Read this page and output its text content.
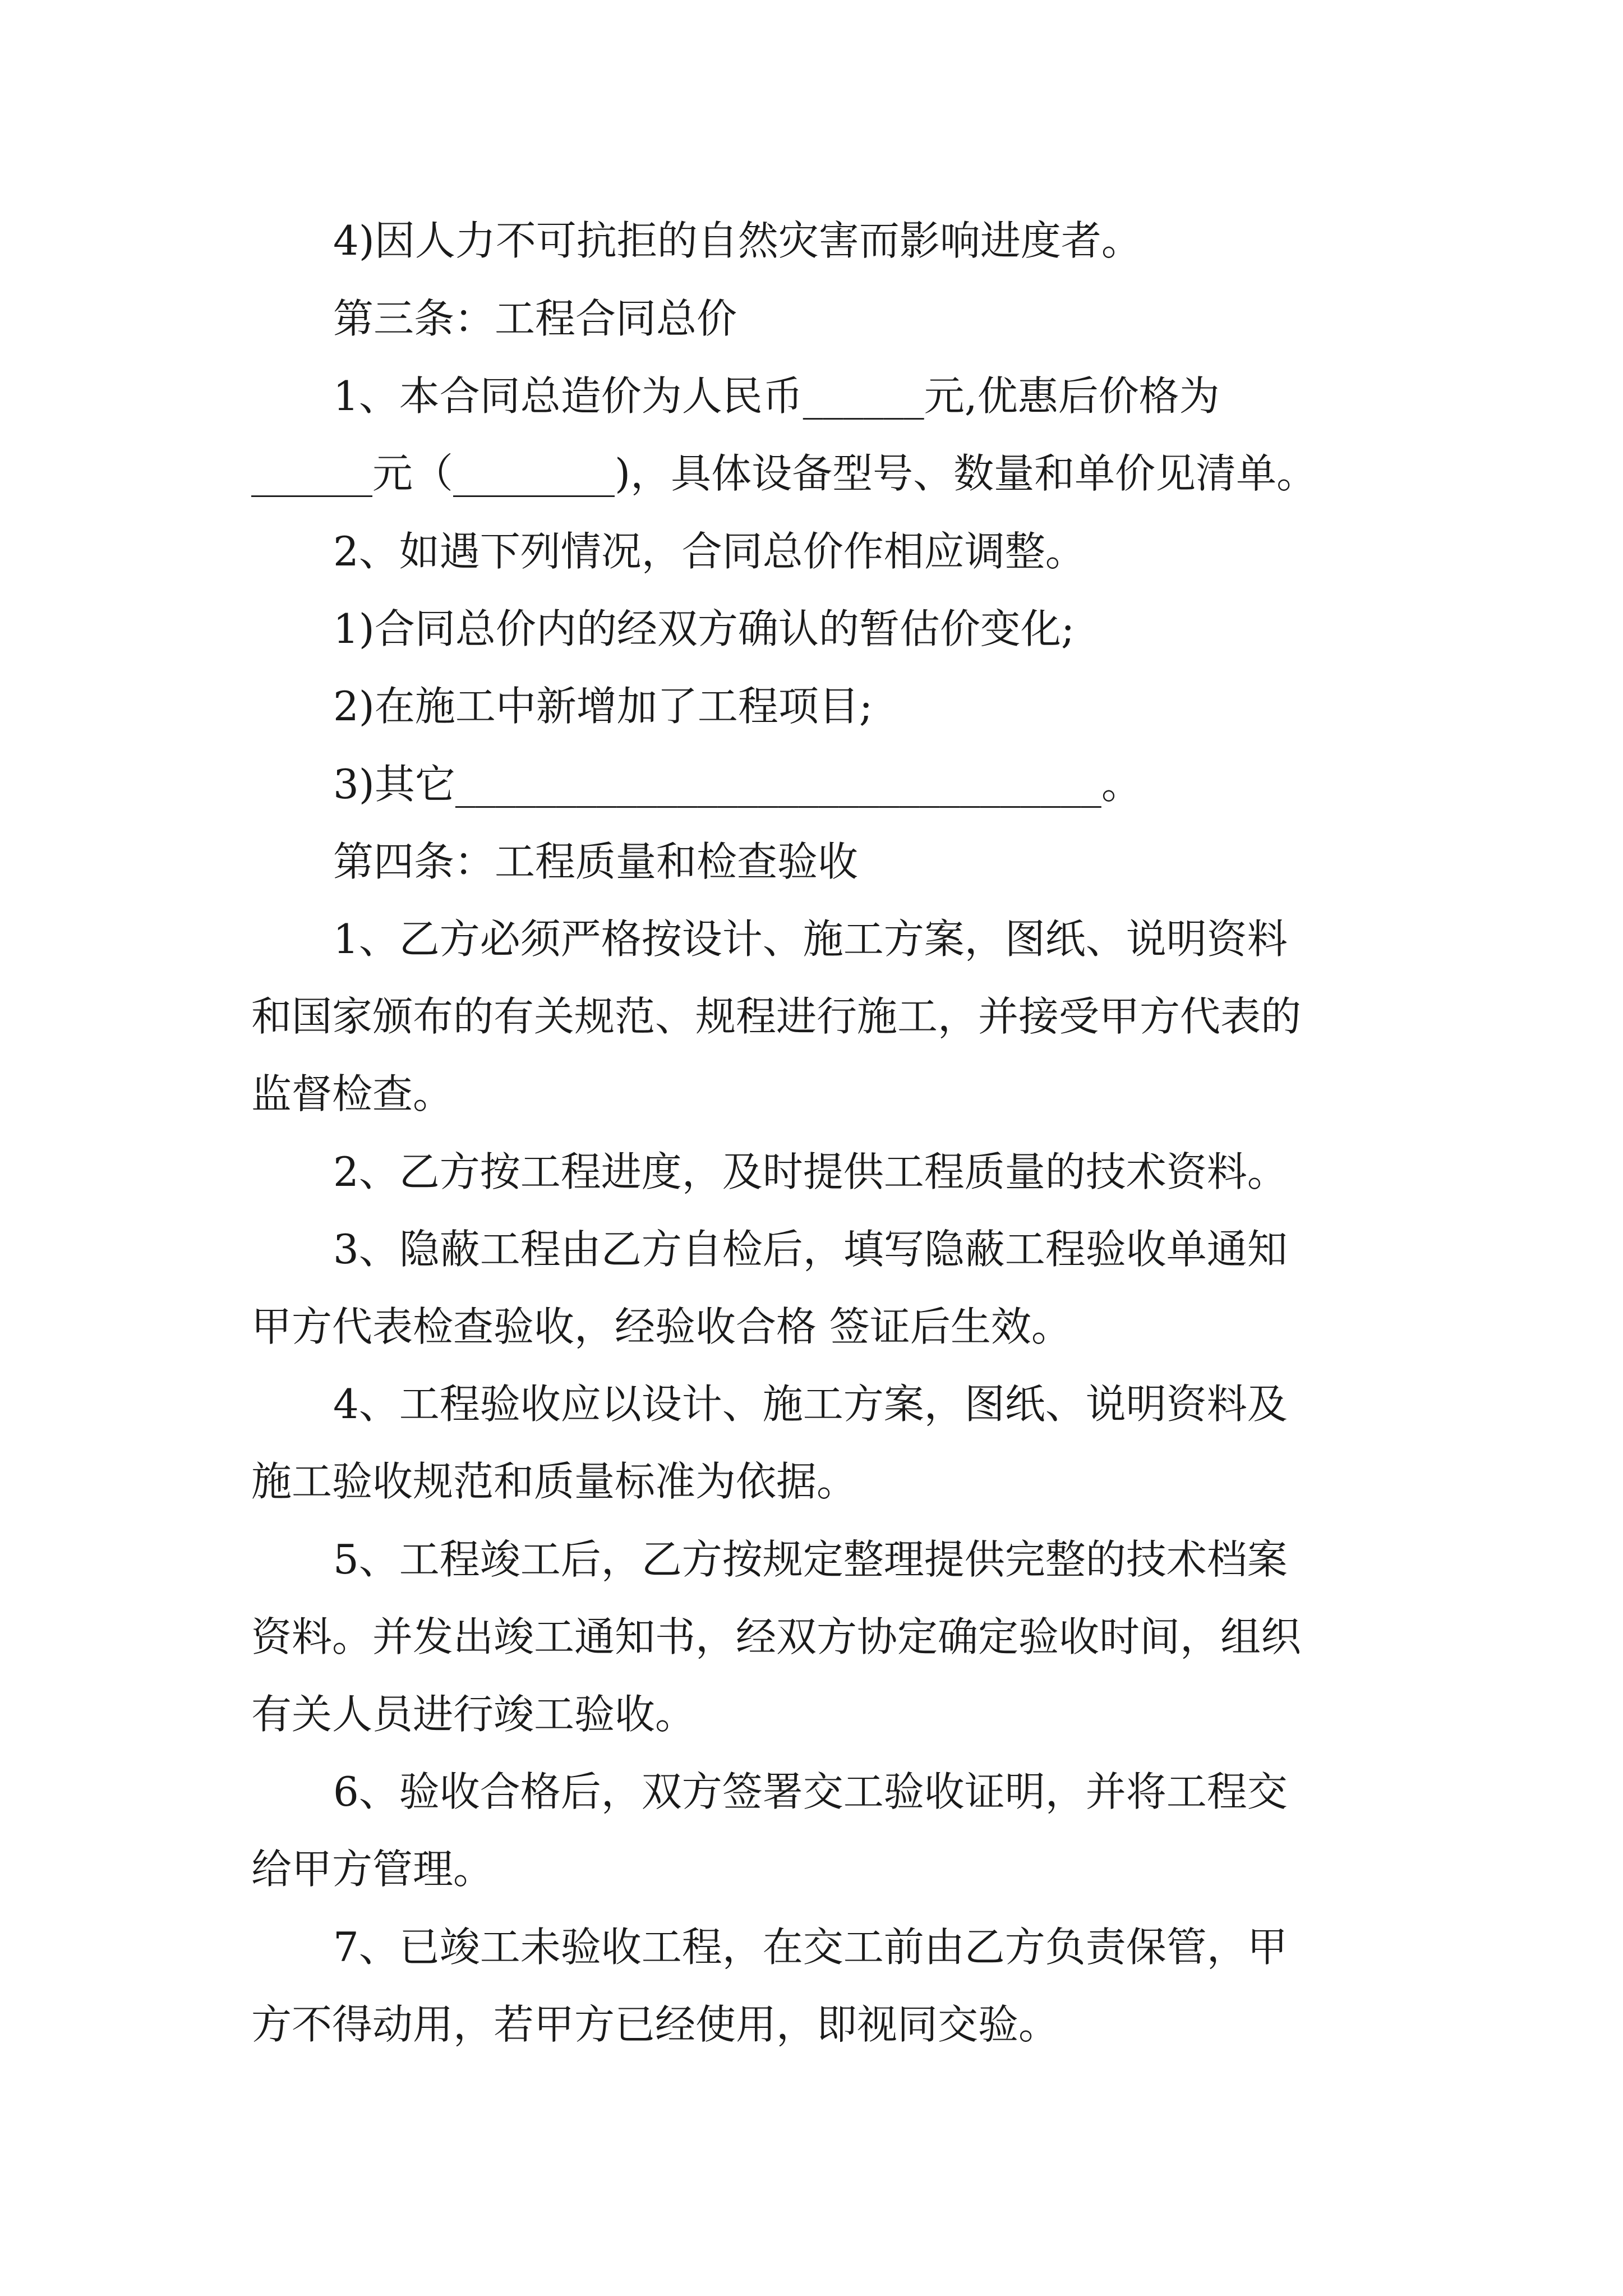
4)因人力不可抗拒的自然灾害而影响进度者。
第三条：工程合同总价
1、本合同总造价为人民币______元,优惠后价格为
______元（________)，具体设备型号、数量和单价见清单。
2、如遇下列情况，合同总价作相应调整。
1)合同总价内的经双方确认的暂估价变化;
2)在施工中新增加了工程项目;
3)其它________________________________。
第四条：工程质量和检查验收
1、乙方必须严格按设计、施工方案，图纸、说明资料
和国家颁布的有关规范、规程进行施工，并接受甲方代表的
监督检查。
2、乙方按工程进度，及时提供工程质量的技术资料。
3、隐蔽工程由乙方自检后，填写隐蔽工程验收单通知
甲方代表检查验收，经验收合格 签证后生效。
4、工程验收应以设计、施工方案，图纸、说明资料及
施工验收规范和质量标准为依据。
5、工程竣工后，乙方按规定整理提供完整的技术档案
资料。并发出竣工通知书，经双方协定确定验收时间，组织
有关人员进行竣工验收。
6、验收合格后，双方签署交工验收证明，并将工程交
给甲方管理。
7、已竣工未验收工程，在交工前由乙方负责保管，甲
方不得动用，若甲方已经使用，即视同交验。
